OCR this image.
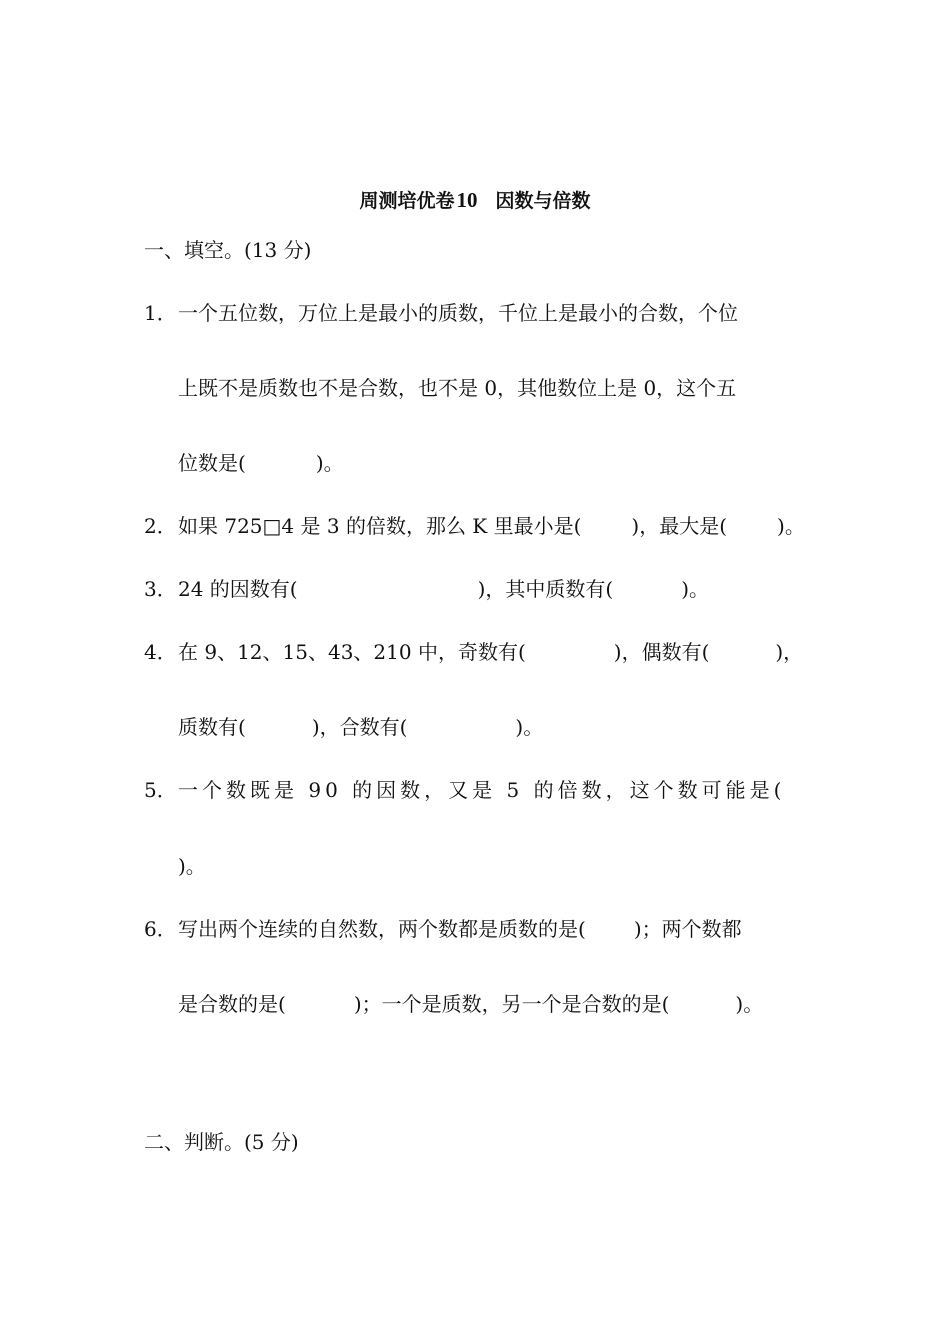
周测培优卷10 因数与倍数
一、填空。(13 分)
1．一个五位数，万位上是最小的质数，千位上是最小的合数，个位
上既不是质数也不是合数，也不是 0，其他数位上是 0，这个五
位数是(	)。
2．如果 725□4 是 3 的倍数，那么 K 里最小是(	)，最大是(	)。
3．24 的因数有(	)，其中质数有(	)。
4．在 9、12、15、43、210 中，奇数有(	)，偶数有(	)，
质数有(	)，合数有(	)。
5．一个数既是 90 的因数，又是 5 的倍数，这个数可能是(
)。
6．写出两个连续的自然数，两个数都是质数的是( )；两个数都
是合数的是(	)；一个是质数，另一个是合数的是(	)。
二、判断。(5 分)
